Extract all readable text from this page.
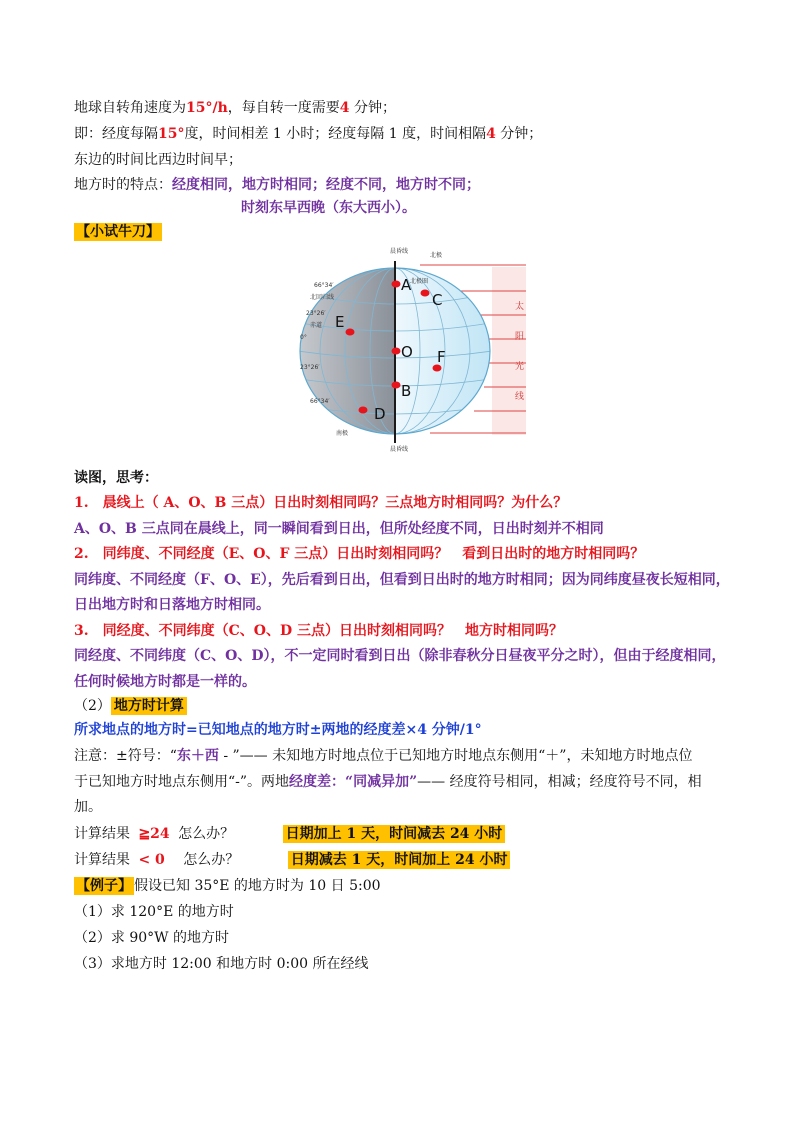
地球自转角速度为15°/h，每自转一度需要4 分钟；
即：经度每隔15°度，时间相差 1 小时；经度每隔 1 度，时间相隔4 分钟；
东边的时间比西边时间早；
地方时的特点：经度相同，地方时相同；经度不同，地方时不同；
时刻东早西晚（东大西小）。
【小试牛刀】
晨昏线
北极
南极
晨昏线
66°34′
23°26′
0°
23°26′
66°34′
北极圈
北回归线
赤道
太
阳
光
线
A
C
E
O F
B
D
读图，思考：
1.　晨线上（ A、O、B 三点）日出时刻相同吗？三点地方时相同吗？为什么？
A、O、B 三点同在晨线上，同一瞬间看到日出，但所处经度不同，日出时刻并不相同
2.　同纬度、不同经度（E、O、F 三点）日出时刻相同吗？　看到日出时的地方时相同吗？
同纬度、不同经度（F、O、E），先后看到日出，但看到日出时的地方时相同；因为同纬度昼夜长短相同，
日出地方时和日落地方时相同。
3.　同经度、不同纬度（C、O、D 三点）日出时刻相同吗？　地方时相同吗？
同经度、不同纬度（C、O、D），不一定同时看到日出（除非春秋分日昼夜平分之时），但由于经度相同，
任何时候地方时都是一样的。
（2） 地方时计算
所求地点的地方时=已知地点的地方时±两地的经度差×4 分钟/1°
注意：±符号：“东＋西 - ”—— 未知地方时地点位于已知地方时地点东侧用“＋”，未知地方时地点位
于已知地方时地点东侧用“-”。两地经度差：“同减异加”—— 经度符号相同，相减；经度符号不同，相
加。
计算结果 ≧24 怎么办？	日期加上 1 天，时间减去 24 小时
计算结果 < 0 怎么办？	日期减去 1 天，时间加上 24 小时
【例子】 假设已知 35°E 的地方时为 10 日 5:00
（1）求 120°E 的地方时
（2）求 90°W 的地方时
（3）求地方时 12:00 和地方时 0:00 所在经线
